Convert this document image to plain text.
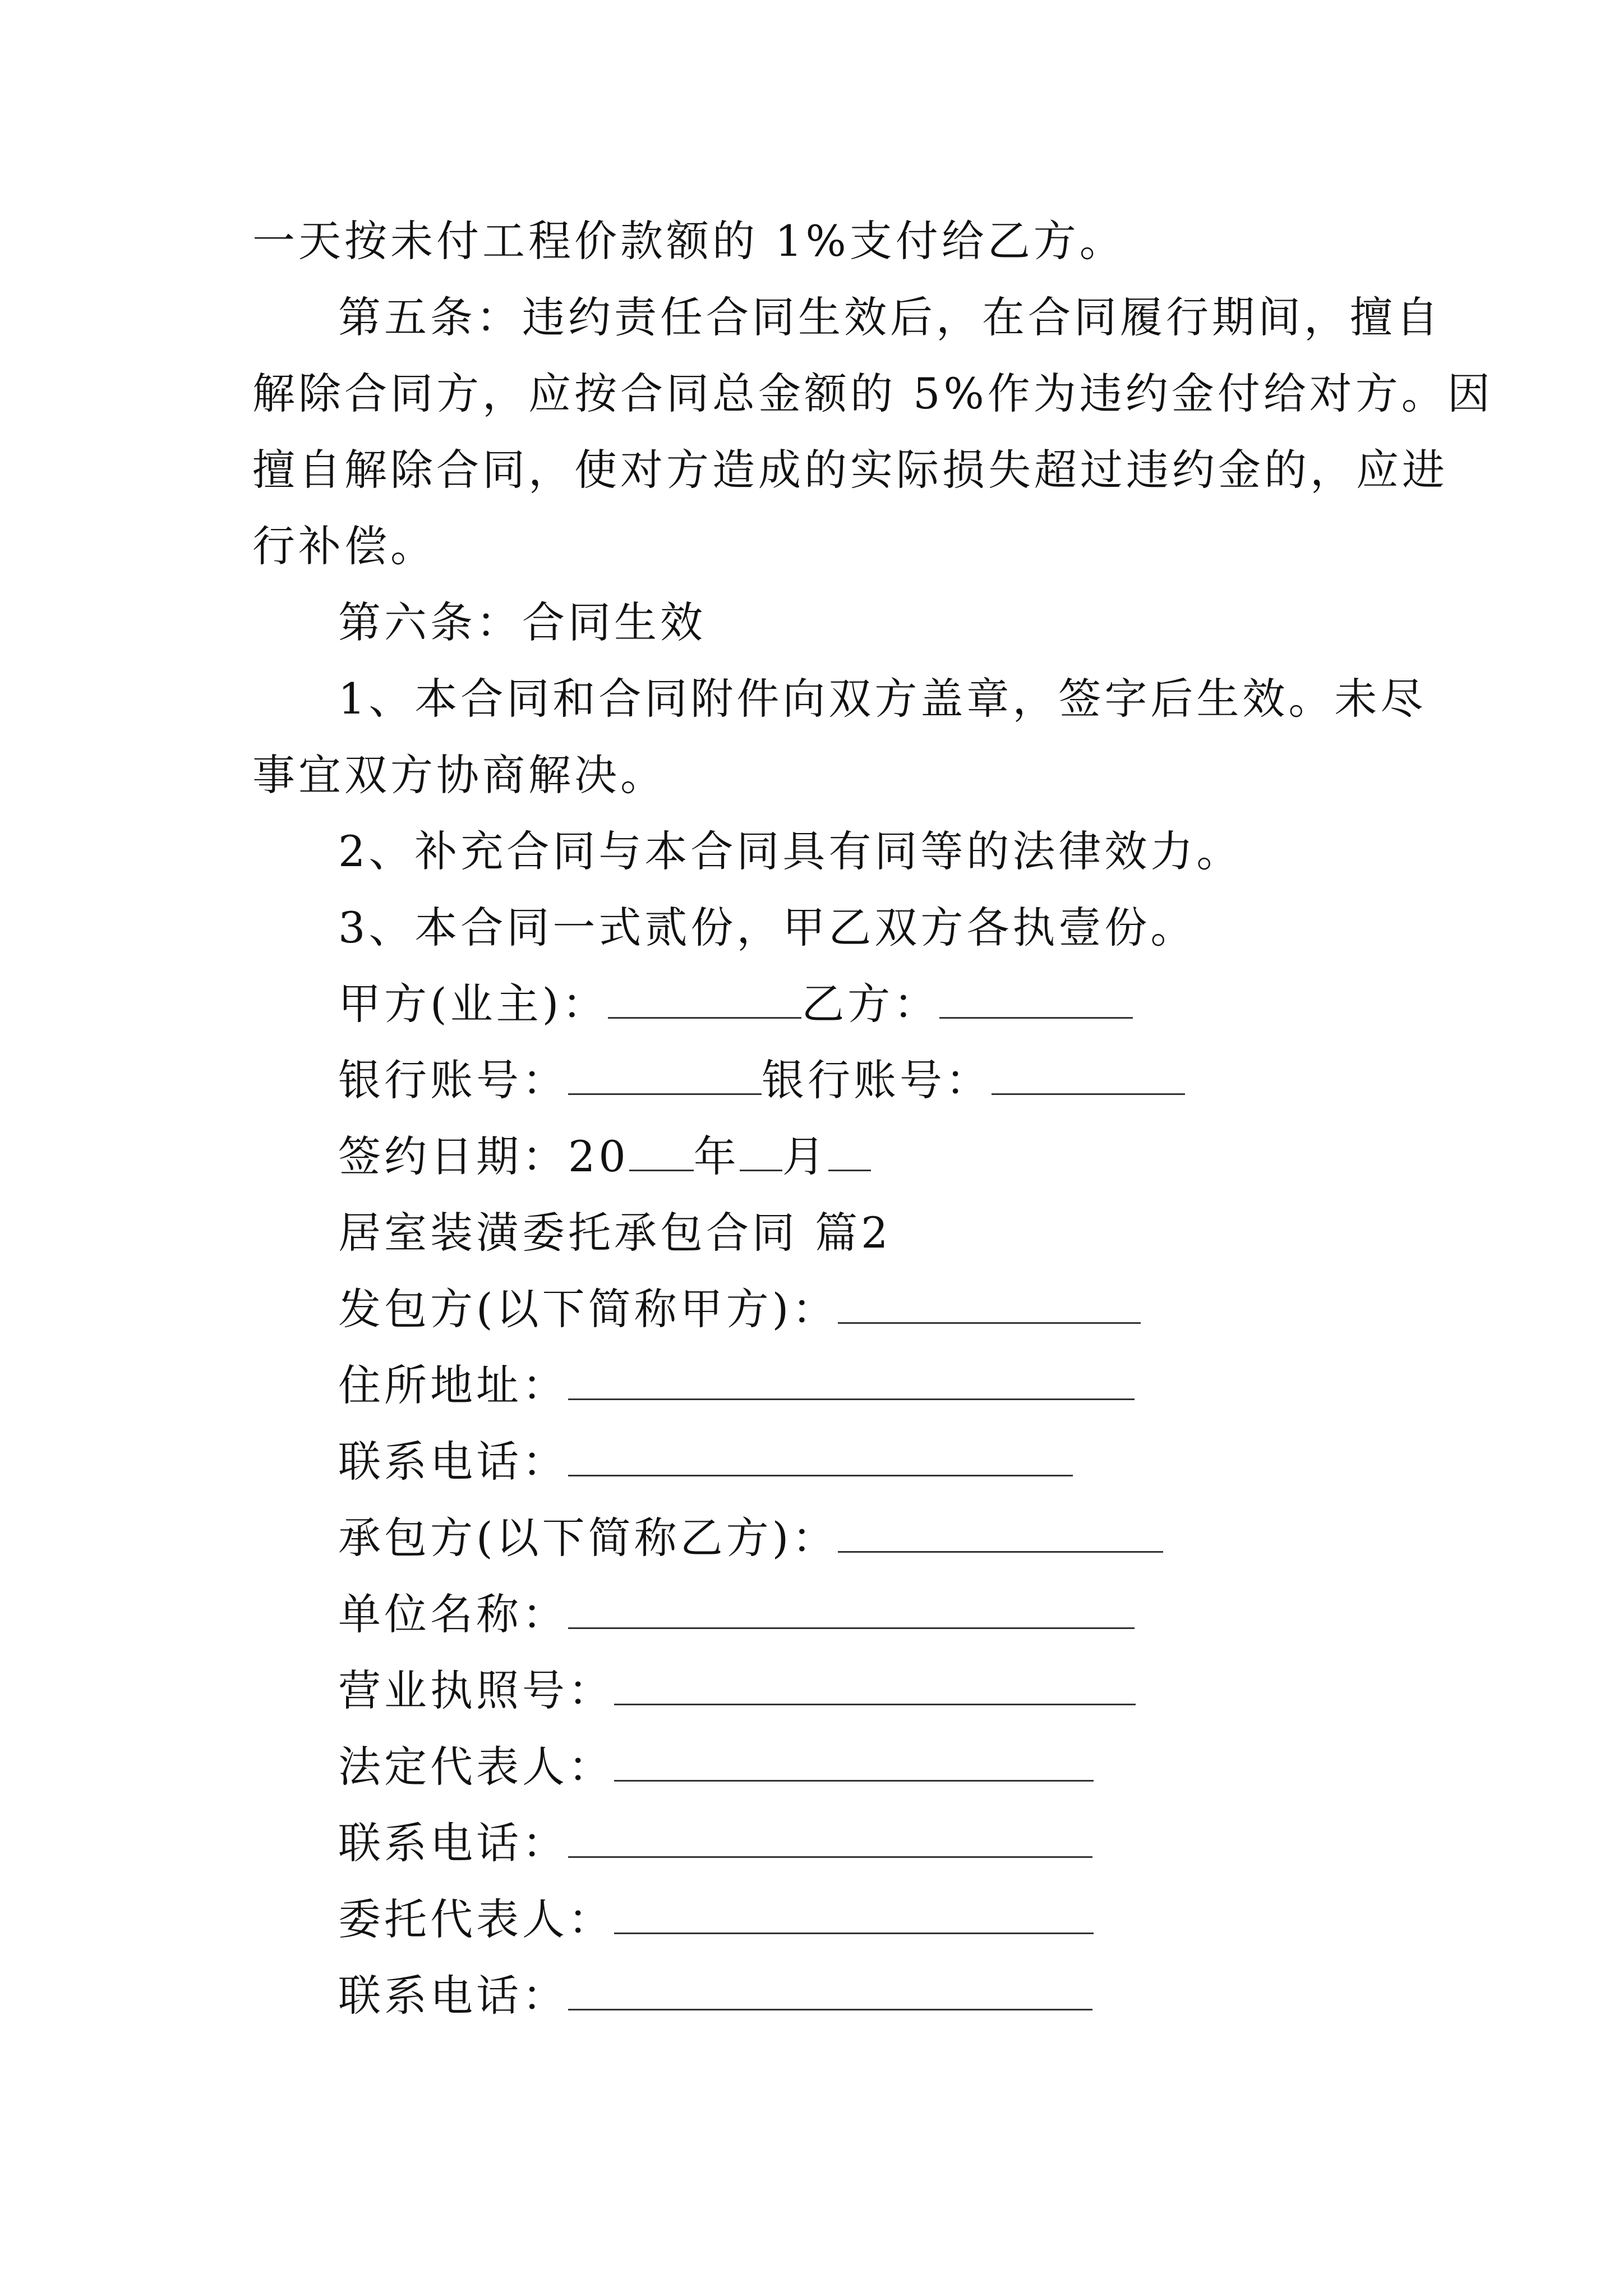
一天按未付工程价款额的 1%支付给乙方。
第五条：违约责任合同生效后，在合同履行期间，擅自
解除合同方，应按合同总金额的 5%作为违约金付给对方。因
擅自解除合同，使对方造成的实际损失超过违约金的，应进
行补偿。
第六条：合同生效
1、本合同和合同附件向双方盖章，签字后生效。未尽
事宜双方协商解决。
2、补充合同与本合同具有同等的法律效力。
3、本合同一式贰份，甲乙双方各执壹份。
甲方(业主)：	乙方：
银行账号：	银行账号：
签约日期：20 年 月
居室装潢委托承包合同 篇2
发包方(以下简称甲方)：
住所地址：
联系电话：
承包方(以下简称乙方)：
单位名称：
营业执照号：
法定代表人：
联系电话：
委托代表人：
联系电话：
